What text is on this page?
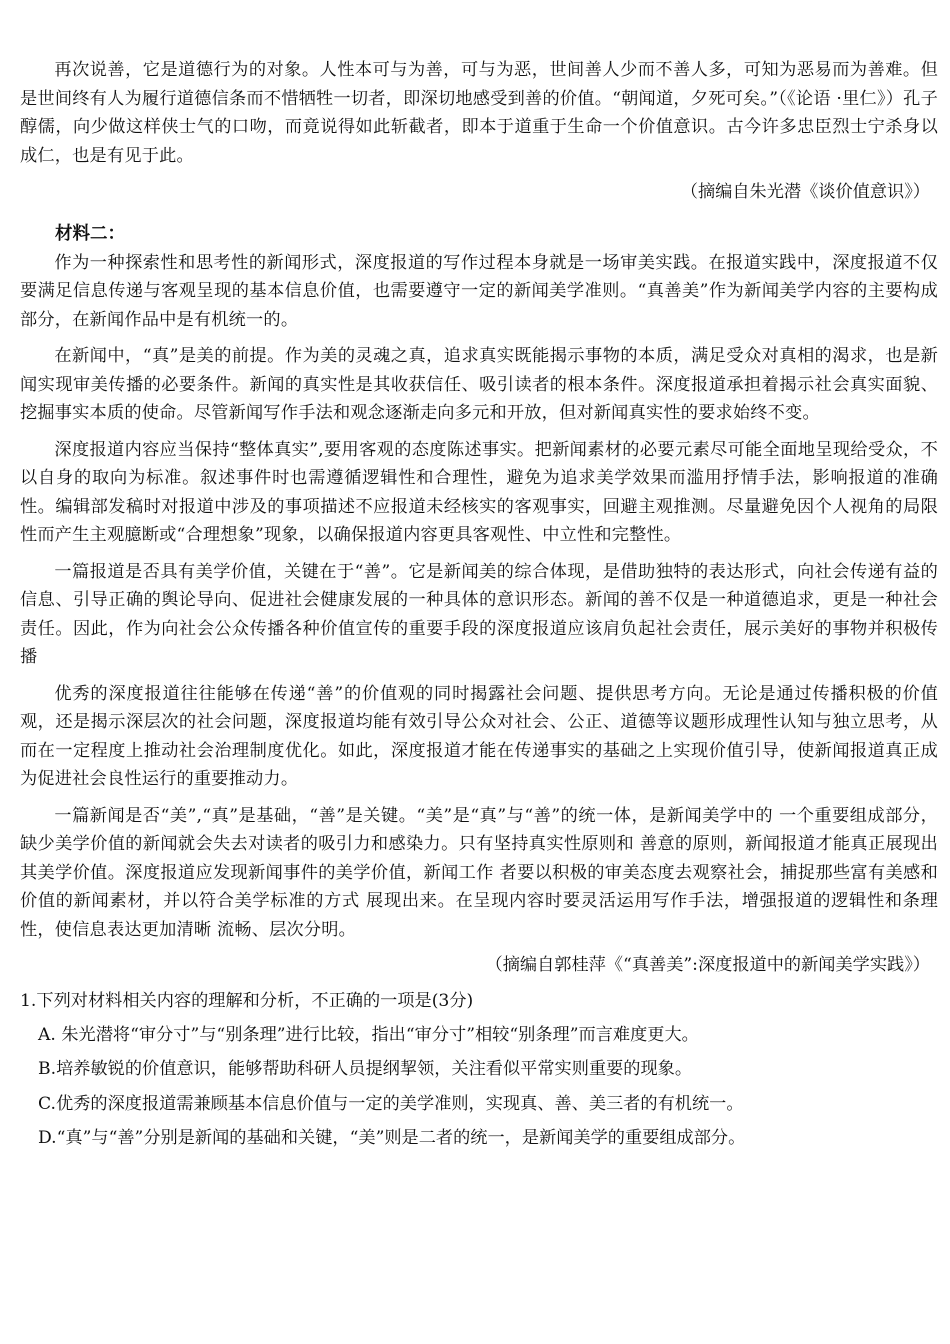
再次说善，它是道德行为的对象。人性本可与为善，可与为恶，世间善人少而不善人多，可知为恶易而为善难。但是世间终有人为履行道德信条而不惜牺牲一切者，即深切地感受到善的价值。“朝闻道，夕死可矣。”（《论语 ·里仁》）孔子醇儒，向少做这样侠士气的口吻，而竟说得如此斩截者，即本于道重于生命一个价值意识。古今许多忠臣烈士宁杀身以成仁，也是有见于此。

（摘编自朱光潜《谈价值意识》）

材料二：

作为一种探索性和思考性的新闻形式，深度报道的写作过程本身就是一场审美实践。在报道实践中，深度报道不仅要满足信息传递与客观呈现的基本信息价值，也需要遵守一定的新闻美学准则。“真善美”作为新闻美学内容的主要构成部分，在新闻作品中是有机统一的。

在新闻中，“真”是美的前提。作为美的灵魂之真，追求真实既能揭示事物的本质，满足受众对真相的渴求，也是新闻实现审美传播的必要条件。新闻的真实性是其收获信任、吸引读者的根本条件。深度报道承担着揭示社会真实面貌、挖掘事实本质的使命。尽管新闻写作手法和观念逐渐走向多元和开放，但对新闻真实性的要求始终不变。

深度报道内容应当保持“整体真实”,要用客观的态度陈述事实。把新闻素材的必要元素尽可能全面地呈现给受众，不以自身的取向为标准。叙述事件时也需遵循逻辑性和合理性，避免为追求美学效果而滥用抒情手法，影响报道的准确性。编辑部发稿时对报道中涉及的事项描述不应报道未经核实的客观事实，回避主观推测。尽量避免因个人视角的局限性而产生主观臆断或“合理想象”现象，以确保报道内容更具客观性、中立性和完整性。

一篇报道是否具有美学价值，关键在于“善”。它是新闻美的综合体现，是借助独特的表达形式，向社会传递有益的信息、引导正确的舆论导向、促进社会健康发展的一种具体的意识形态。新闻的善不仅是一种道德追求，更是一种社会责任。因此，作为向社会公众传播各种价值宣传的重要手段的深度报道应该肩负起社会责任，展示美好的事物并积极传播

优秀的深度报道往往能够在传递“善”的价值观的同时揭露社会问题、提供思考方向。无论是通过传播积极的价值观，还是揭示深层次的社会问题，深度报道均能有效引导公众对社会、公正、道德等议题形成理性认知与独立思考，从而在一定程度上推动社会治理制度优化。如此，深度报道才能在传递事实的基础之上实现价值引导，使新闻报道真正成为促进社会良性运行的重要推动力。

一篇新闻是否“美”,“真”是基础，“善”是关键。“美”是“真”与“善”的统一体，是新闻美学中的 一个重要组成部分，缺少美学价值的新闻就会失去对读者的吸引力和感染力。只有坚持真实性原则和 善意的原则，新闻报道才能真正展现出其美学价值。深度报道应发现新闻事件的美学价值，新闻工作 者要以积极的审美态度去观察社会，捕捉那些富有美感和价值的新闻素材，并以符合美学标准的方式 展现出来。在呈现内容时要灵活运用写作手法，增强报道的逻辑性和条理性，使信息表达更加清晰 流畅、层次分明。

（摘编自郭桂萍《“真善美”:深度报道中的新闻美学实践》）

1.下列对材料相关内容的理解和分析，不正确的一项是(3分)

A. 朱光潜将“审分寸”与“别条理”进行比较，指出“审分寸”相较“别条理”而言难度更大。

B.培养敏锐的价值意识，能够帮助科研人员提纲挈领，关注看似平常实则重要的现象。

C.优秀的深度报道需兼顾基本信息价值与一定的美学准则，实现真、善、美三者的有机统一。

D.“真”与“善”分别是新闻的基础和关键，“美”则是二者的统一，是新闻美学的重要组成部分。
